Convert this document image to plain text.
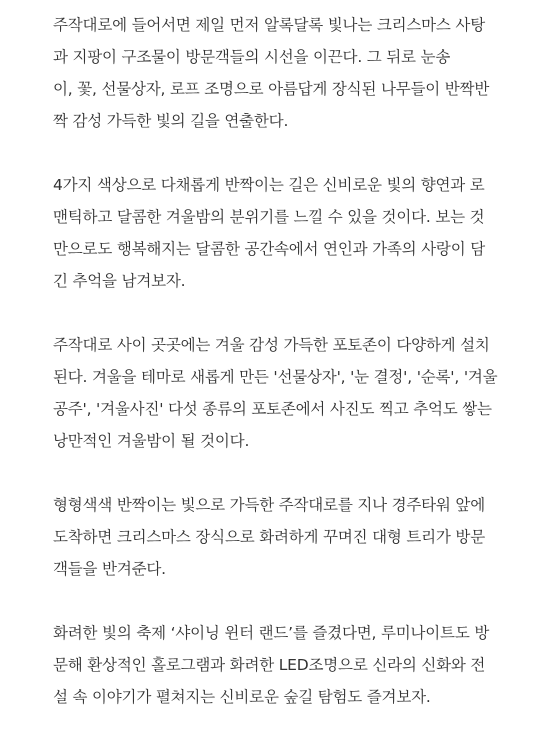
주작대로에 들어서면 제일 먼저 알록달록 빛나는 크리스마스 사탕
과 지팡이 구조물이 방문객들의 시선을 이끈다. 그 뒤로 눈송
이, 꽃, 선물상자, 로프 조명으로 아름답게 장식된 나무들이 반짝반
짝 감성 가득한 빛의 길을 연출한다.
4가지 색상으로 다채롭게 반짝이는 길은 신비로운 빛의 향연과 로
맨틱하고 달콤한 겨울밤의 분위기를 느낄 수 있을 것이다. 보는 것
만으로도 행복해지는 달콤한 공간속에서 연인과 가족의 사랑이 담
긴 추억을 남겨보자.
주작대로 사이 곳곳에는 겨울 감성 가득한 포토존이 다양하게 설치
된다. 겨울을 테마로 새롭게 만든 '선물상자', '눈 결정', '순록', '겨울
공주', '겨울사진' 다섯 종류의 포토존에서 사진도 찍고 추억도 쌓는
낭만적인 겨울밤이 될 것이다.
형형색색 반짝이는 빛으로 가득한 주작대로를 지나 경주타워 앞에
도착하면 크리스마스 장식으로 화려하게 꾸며진 대형 트리가 방문
객들을 반겨준다.
화려한 빛의 축제 ‘샤이닝 윈터 랜드’를 즐겼다면, 루미나이트도 방
문해 환상적인 홀로그램과 화려한 LED조명으로 신라의 신화와 전
설 속 이야기가 펼쳐지는 신비로운 숲길 탐험도 즐겨보자.
